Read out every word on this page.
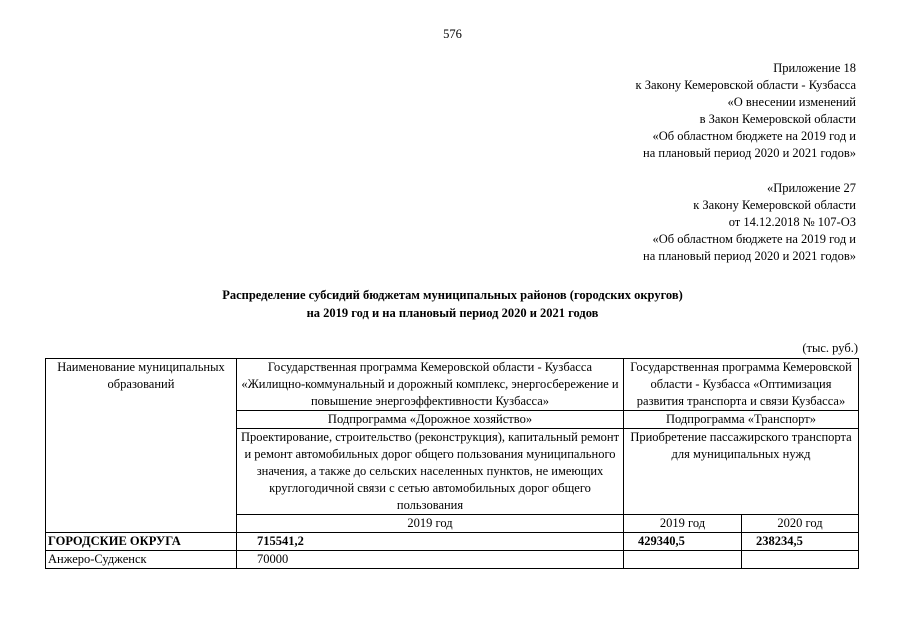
576
Приложение 18
к Закону Кемеровской области - Кузбасса
«О внесении изменений
в Закон Кемеровской области
«Об областном бюджете на 2019 год и
на плановый период 2020 и 2021 годов»
«Приложение 27
к Закону Кемеровской области
от 14.12.2018 № 107-ОЗ
«Об областном бюджете на 2019 год и
на плановый период 2020 и 2021 годов»
Распределение субсидий бюджетам муниципальных районов (городских округов)
на 2019 год и на плановый период 2020 и 2021 годов
(тыс. руб.)
Наименование муниципальных образований	Государственная программа Кемеровской области - Кузбасса «Жилищно-коммунальный и дорожный комплекс, энергосбережение и повышение энергоэффективности Кузбасса»	Государственная программа Кемеровской области - Кузбасса «Оптимизация развития транспорта и связи Кузбасса»	
	Подпрограмма «Дорожное хозяйство»	Подпрограмма «Транспорт»	
	Проектирование, строительство (реконструкция), капитальный ремонт и ремонт автомобильных дорог общего пользования муниципального значения, а также до сельских населенных пунктов, не имеющих круглогодичной связи с сетью автомобильных дорог общего пользования	Приобретение пассажирского транспорта для муниципальных нужд	
	2019 год	2019 год	2020 год
ГОРОДСКИЕ ОКРУГА	715541,2	429340,5	238234,5
Анжеро-Судженск	70000		
